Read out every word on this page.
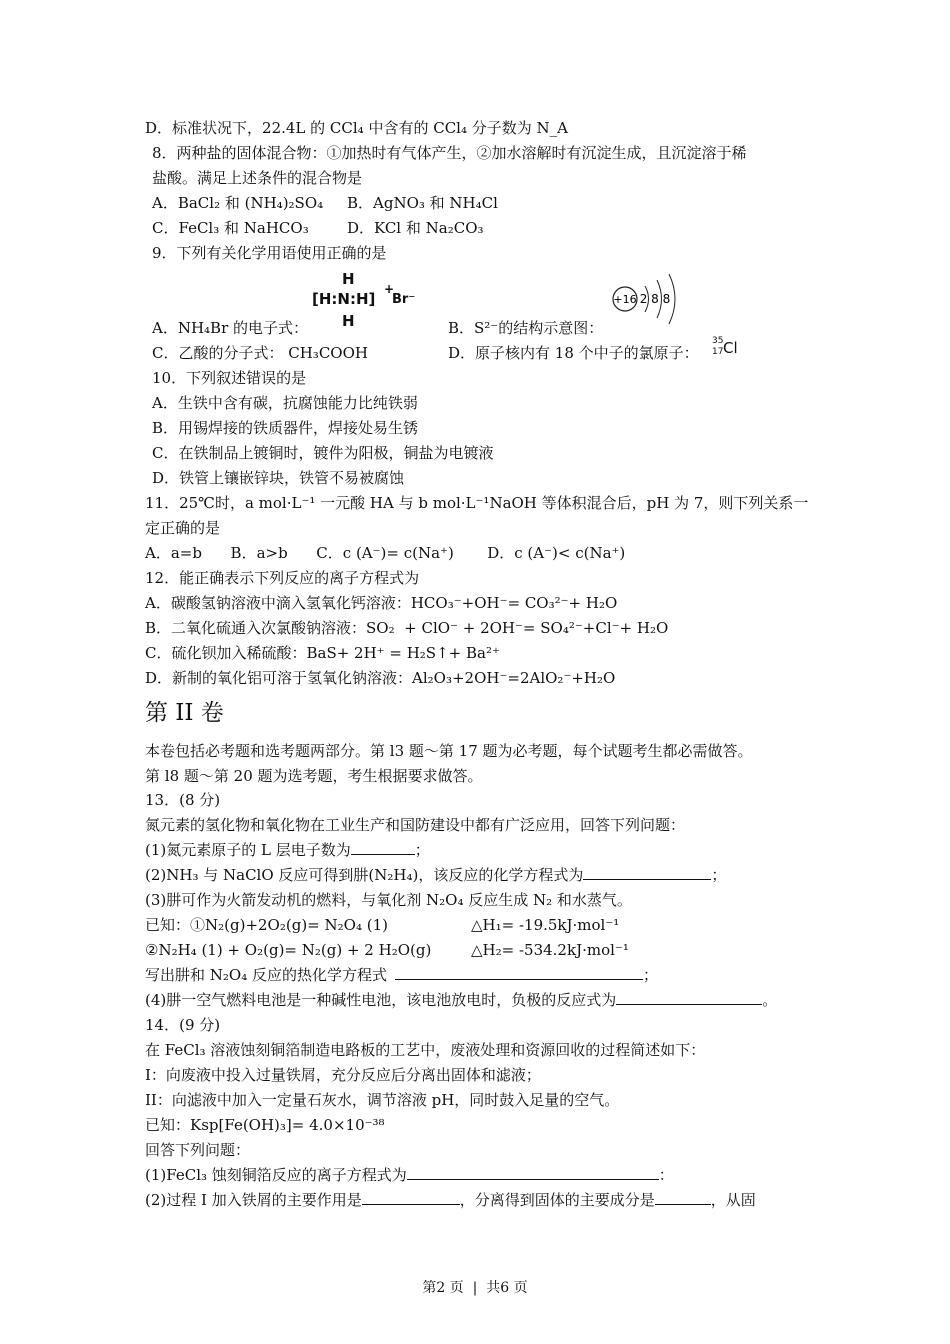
D．标准状况下，22.4L 的 CCl₄ 中含有的 CCl₄ 分子数为 N_A
8．两种盐的固体混合物：①加热时有气体产生，②加水溶解时有沉淀生成，且沉淀溶于稀
盐酸。满足上述条件的混合物是
A．BaCl₂ 和 (NH₄)₂SO₄ B．AgNO₃ 和 NH₄Cl
C．FeCl₃ 和 NaHCO₃	D．KCl 和 Na₂CO₃
9．下列有关化学用语使用正确的是
H
[H:N:H]
+
Br⁻
H
+16 2 8 8
A．NH₄Br 的电子式：	B．S²⁻的结构示意图：
C．乙酸的分子式： CH₃COOH	D．原子核内有 18 个中子的氯原子：
35
17 Cl
10．下列叙述错误的是
A．生铁中含有碳，抗腐蚀能力比纯铁弱
B．用锡焊接的铁质器件，焊接处易生锈
C．在铁制品上镀铜时，镀件为阳极，铜盐为电镀液
D．铁管上镶嵌锌块，铁管不易被腐蚀
11．25℃时，a mol·L⁻¹ 一元酸 HA 与 b mol·L⁻¹NaOH 等体积混合后，pH 为 7，则下列关系一
定正确的是
A．a=b      B．a>b      C．c (A⁻)= c(Na⁺)       D．c (A⁻)< c(Na⁺)
12．能正确表示下列反应的离子方程式为
A．碳酸氢钠溶液中滴入氢氧化钙溶液：HCO₃⁻+OH⁻= CO₃²⁻+ H₂O
B．二氧化硫通入次氯酸钠溶液：SO₂  + ClO⁻ + 2OH⁻= SO₄²⁻+Cl⁻+ H₂O
C．硫化钡加入稀硫酸：BaS+ 2H⁺ = H₂S↑+ Ba²⁺
D．新制的氧化铝可溶于氢氧化钠溶液：Al₂O₃+2OH⁻=2AlO₂⁻+H₂O
第 II 卷
本卷包括必考题和选考题两部分。第 l3 题～第 17 题为必考题，每个试题考生都必需做答。
第 l8 题～第 20 题为选考题，考生根据要求做答。
13．(8 分)
氮元素的氢化物和氧化物在工业生产和国防建设中都有广泛应用，回答下列问题：
(1)氮元素原子的 L 层电子数为	；
(2)NH₃ 与 NaClO 反应可得到肼(N₂H₄)，该反应的化学方程式为	；
(3)肼可作为火箭发动机的燃料，与氧化剂 N₂O₄ 反应生成 N₂ 和水蒸气。
已知：①N₂(g)+2O₂(g)= N₂O₄ (1)	△H₁= -19.5kJ·mol⁻¹
②N₂H₄ (1) + O₂(g)= N₂(g) + 2 H₂O(g)	△H₂= -534.2kJ·mol⁻¹
写出肼和 N₂O₄ 反应的热化学方程式	；
(4)肼一空气燃料电池是一种碱性电池，该电池放电时，负极的反应式为	。
14．(9 分)
在 FeCl₃ 溶液蚀刻铜箔制造电路板的工艺中，废液处理和资源回收的过程简述如下：
I：向废液中投入过量铁屑，充分反应后分离出固体和滤液；
II：向滤液中加入一定量石灰水，调节溶液 pH，同时鼓入足量的空气。
已知：Ksp[Fe(OH)₃]= 4.0×10⁻³⁸
回答下列问题：
(1)FeCl₃ 蚀刻铜箔反应的离子方程式为	：
(2)过程 I 加入铁屑的主要作用是	，分离得到固体的主要成分是	，从固
第2 页  |  共6 页
